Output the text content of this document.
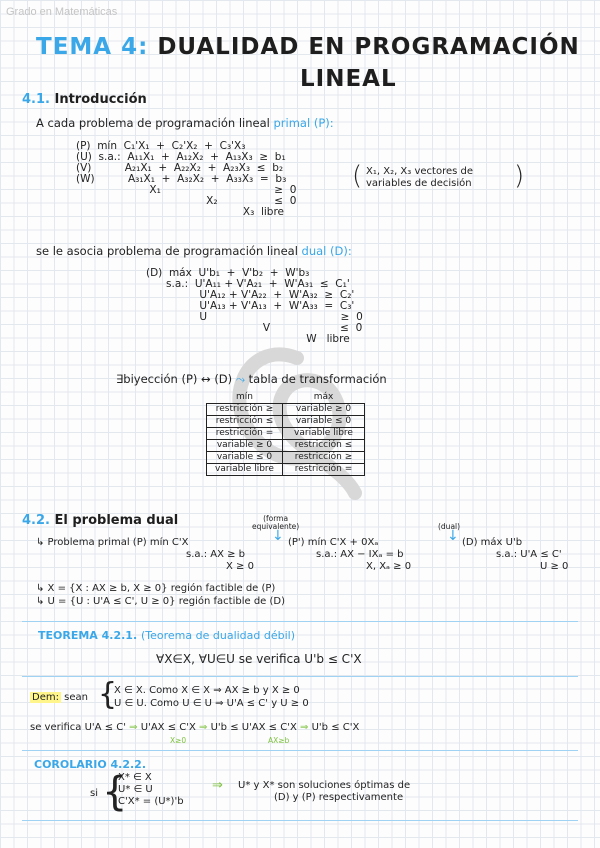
Grado en Matemáticas
TEMA 4: DUALIDAD EN PROGRAMACIÓN
LINEAL
4.1. Introducción
A cada problema de programación lineal primal (P):
(P)  mín  C₁'X₁  +  C₂'X₂  +  C₃'X₃
(U)  s.a.:  A₁₁X₁  +  A₁₂X₂  +  A₁₃X₃  ≥  b₁
(V)          A₂₁X₁  +  A₂₂X₂  +  A₂₃X₃  ≤  b₂
(W)          A₃₁X₁  +  A₃₂X₂  +  A₃₃X₃  =  b₃
X₁                                  ≥  0
X₂                 ≤  0
X₃  libre
( X₁, X₂, X₃ vectores de
variables de decisión )
se le asocia problema de programación lineal dual (D):
(D)  máx  U'b₁  +  V'b₂  +  W'b₃
s.a.:  U'A₁₁ + V'A₂₁  +  W'A₃₁  ≤  C₁'
U'A₁₂ + V'A₂₂  +  W'A₃₂  ≥  C₂'
U'A₁₃ + V'A₁₃  +  W'A₃₃  =  C₃'
U                                        ≥  0
V                     ≤  0
W   libre
∃biyección (P) ↔ (D) ⤳ tabla de transformación
mín	máx
restricción ≥	variable ≥ 0
restricción ≤	variable ≤ 0
restricción =	variable libre
variable ≥ 0	restricción ≤
variable ≤ 0	restricción ≥
variable libre	restricción =
4.2. El problema dual	(forma
equivalente)	(dual)
↳ Problema primal (P) mín C'X	↓ (P') mín C'X + 0Xₐ	↓ (D) máx U'b
s.a.: AX ≥ b
X ≥ 0
s.a.: AX − IXₐ = b
X, Xₐ ≥ 0
s.a.: U'A ≤ C'
U ≥ 0
↳ X = {X : AX ≥ b, X ≥ 0} región factible de (P)
↳ U = {U : U'A ≤ C', U ≥ 0} región factible de (D)
TEOREMA 4.2.1. (Teorema de dualidad débil)
∀X∈X, ∀U∈U se verifica U'b ≤ C'X
Dem: sean {
X ∈ X. Como X ∈ X ⇒ AX ≥ b y X ≥ 0
U ∈ U. Como U ∈ U ⇒ U'A ≤ C' y U ≥ 0
se verifica U'A ≤ C' ⇒ U'AX ≤ C'X ⇒ U'b ≤ U'AX ≤ C'X ⇒ U'b ≤ C'X
X≥0	AX≥b
COROLARIO 4.2.2.
si {
X* ∈ X
U* ∈ U
C'X* = (U*)'b
⇒ U* y X* son soluciones óptimas de
(D) y (P) respectivamente
